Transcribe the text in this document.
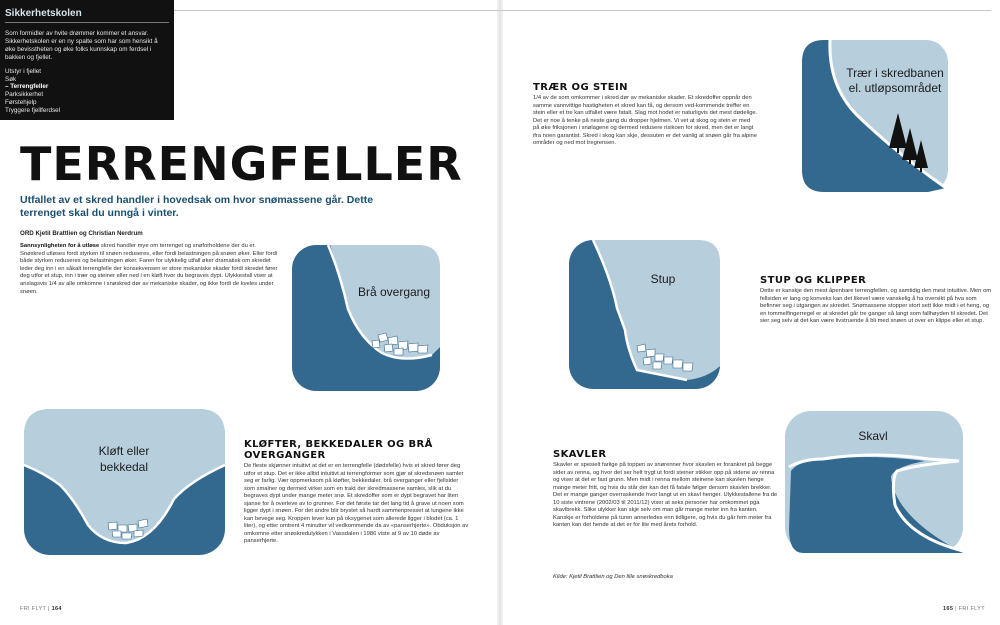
Sikkerhetskolen
Som formidler av hvite drømmer kommer et ansvar. Sikkerhetskolen er en ny spalte som har som hensikt å øke bevisstheten og øke folks kunnskap om ferdsel i bakken og fjellet.
Utstyr i fjellet
Søk
– Terrengfeller
Parksikkerhet
Førstehjelp
Tryggere fjellferdsel
TERRENGFELLER
Utfallet av et skred handler i hovedsak om hvor snømassene går. Dette terrenget skal du unngå i vinter.
ORD Kjetil Brattlien og Christian Nerdrum
Sannsynligheten for å utløse skred handler mye om terrenget og snøforholdene der du er. Snøskred utløses fordi styrken til snøen reduseres, eller fordi belastningen på snøen øker. Eller fordi både styrken reduseres og belastningen øker. Faren for ulykkelig utfall øker dramatisk om skredet leder deg inn i en såkalt terrengfelle der konsekvensen er store mekaniske skader fordi skredet fører deg utfor et stup, inn i trær og steiner eller ned i en kløft hvor du begraves dypt. Ulykkestall viser at anslagsvis 1/4 av alle omkomne i snøskred dør av mekaniske skader, og ikke fordi de kveles under snøen.
TRÆR OG STEIN

1/4 av de som omkommer i skred dør av mekaniske skader. Et skredoffer oppnår den samme vannvittige hastigheten et skred kan få, og dersom ved-kommende treffer en stein eller et tre kan utfallet være fatalt. Slag mot hodet er naturligvis det mest dødelige. Det er noe å tenke på neste gang du dropper hjelmen. Vi vet at skog og stein er med på øke friksjonen i snølagene og dermed redusere risikoen for skred, men det er langt ifra noen garantist. Skred i skog kan skje, dessuten er det vanlig at snøen går fra alpine områder og ned mot tregrensen.

STUP OG KLIPPER

Dette er kanskje den mest åpenbare terrengfellen, og samtidig den mest intuitive. Men om fellsiden er lang og konveks kan det likevel være vanskelig å ha oversikt på hva som befinner seg i utgangen av skredet. Snømassene stopper stort sett ikke midt i et heng, og en tommelfingerregel er at skredet går tre ganger så langt som fallhøyden til skredet. Det sier seg selv at det kan være livstruende å bli med snøen ut over en klippe eller et stup.

KLØFTER, BEKKEDALER OG BRÅ OVERGANGER

De fleste skjønner intuitivt at det er en terrengfelle (dødsfelle) hvis et skred fører deg utfor et stup. Det er ikke alltid intuitivt at terrengformer som gjør at skredsnøen samler seg er farlig. Vær oppmerksom på kløfter, bekkedaler, brå overganger eller fjellsider som smalner og dermed virker som en trakt der skredmassene samles, slik at du begraves dypt under mange meter snø. Et skredoffer som er dypt begravet har liten sjanse for å overleve av to grunner. For det første tar det lang tid å grave ut noen som ligger dypt i snøen. For det andre blir brystet så hardt sammenpresset at lungene ikke kan bevege seg. Kroppen lever kun på oksygenet som allerede ligger i blodet (ca. 1 liter), og etter omtrent 4 minutter vil vedkommende da av «panserhjerte». Obduksjon av omkomne etter snøskredulykken i Vassdalen i 1986 viste at 9 av 10 døde av panserhjerte.

SKAVLER

Skavler er spesielt farlige på toppen av snørenner hvor skavlen er forankret på begge sider av renna, og hvor det ser helt trygt ut fordi steiner stikker opp på sidene av renna og viser at det er fast grunn. Men midt i renna mellom steinene kan skavlen henge mange meter fritt, og hvis du står der kan det få fatale følger dersom skavlen brekker. Det er mange ganger overraskende hvor langt ut en skavl henger. Ulykkestallene fra de 10 siste vintrene (2002/03 til 2011/12) viser at seks personer har omkommet pga skavlbrekk. Slike ulykker kan skje selv om man går mange meter inn fra kanten. Kanskje er forholdene på turen annerledes enn tidligere, og hvis du går fem meter fra kanten kan det hende at det er for lite med årets forhold.

Trær i skredbanen el. utløpsområdet
Brå overgang
Stup
Kløft eller bekkedal
Skavl
Kilde: Kjetil Brattlien og Den lille snøskredboka
FRI FLYT | 164	165 | FRI FLYT
